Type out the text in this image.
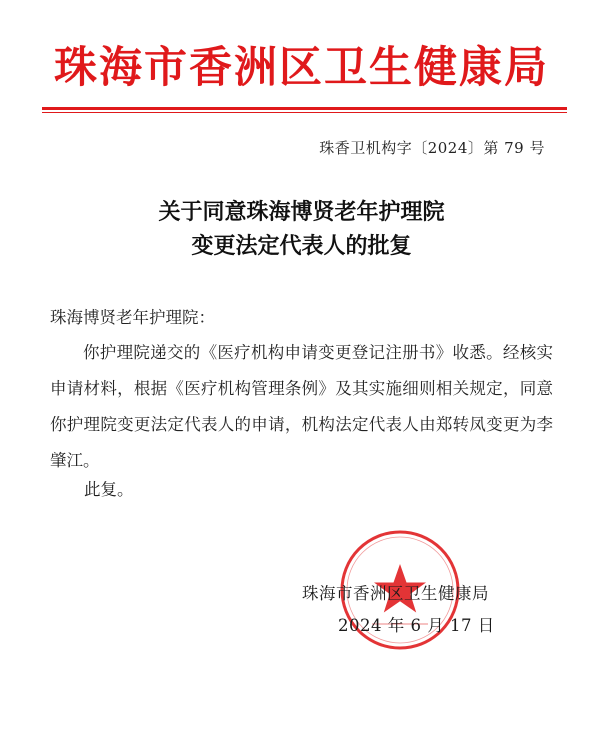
珠海市香洲区卫生健康局
珠香卫机构字〔2024〕第 79 号
关于同意珠海博贤老年护理院
变更法定代表人的批复
珠海博贤老年护理院：
你护理院递交的《医疗机构申请变更登记注册书》收悉。经核实申请材料，根据《医疗机构管理条例》及其实施细则相关规定，同意你护理院变更法定代表人的申请，机构法定代表人由郑转凤变更为李肇江。
此复。
珠海市香洲区卫生健康局
2024 年 6 月 17 日
